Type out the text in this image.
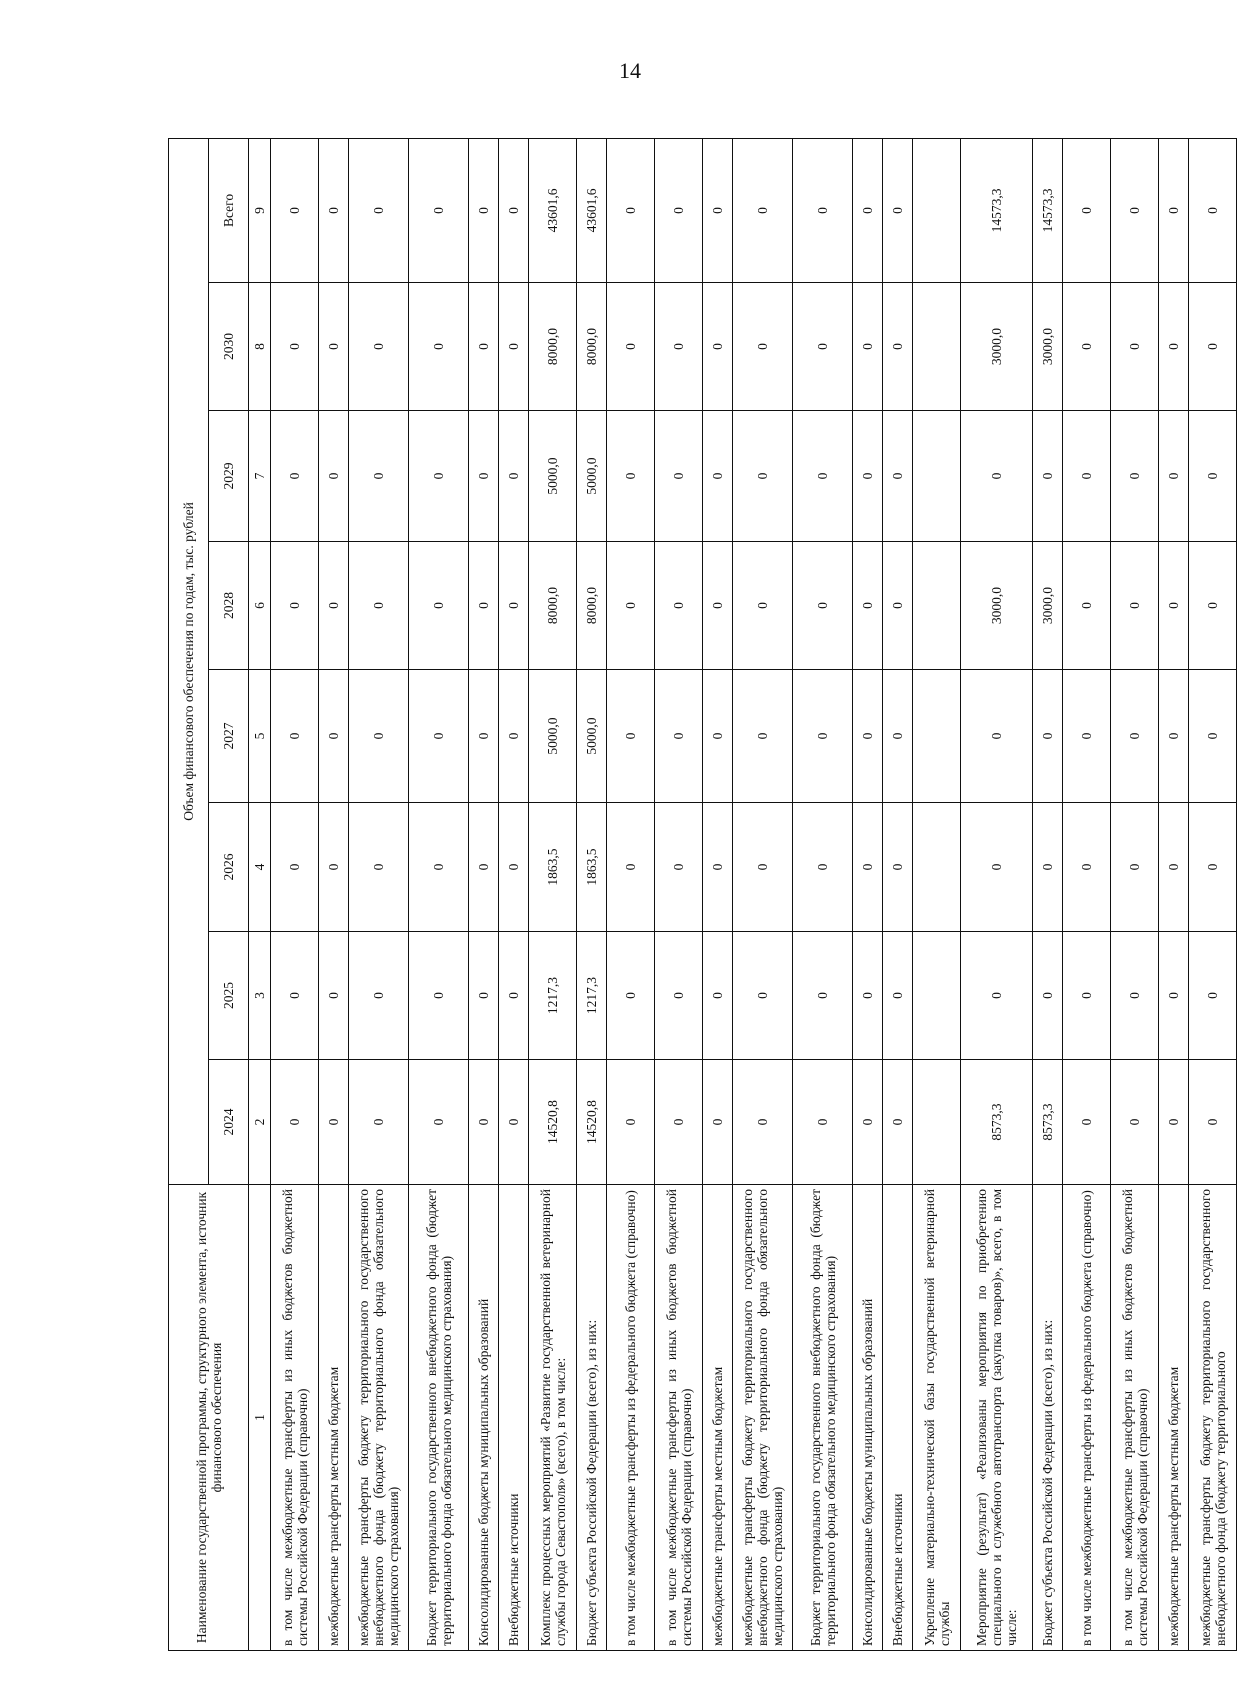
14
Наименование государственной программы, структурного элемента, источник финансового обеспечения	Объем финансового обеспечения по годам, тыс. рублей							
	2024	2025	2026	2027	2028	2029	2030	Всего
1	2	3	4	5	6	7	8	9
в том числе межбюджетные трансферты из иных бюджетов бюджетной системы Российской Федерации (справочно)	0	0	0	0	0	0	0	0
межбюджетные трансферты местным бюджетам	0	0	0	0	0	0	0	0
межбюджетные трансферты бюджету территориального государственного внебюджетного фонда (бюджету территориального фонда обязательного медицинского страхования)	0	0	0	0	0	0	0	0
Бюджет территориального государственного внебюджетного фонда (бюджет территориального фонда обязательного медицинского страхования)	0	0	0	0	0	0	0	0
Консолидированные бюджеты муниципальных образований	0	0	0	0	0	0	0	0
Внебюджетные источники	0	0	0	0	0	0	0	0
Комплекс процессных мероприятий «Развитие государственной ветеринарной службы города Севастополя» (всего), в том числе:	14520,8	1217,3	1863,5	5000,0	8000,0	5000,0	8000,0	43601,6
Бюджет субъекта Российской Федерации (всего), из них:	14520,8	1217,3	1863,5	5000,0	8000,0	5000,0	8000,0	43601,6
в том числе межбюджетные трансферты из федерального бюджета (справочно)	0	0	0	0	0	0	0	0
в том числе межбюджетные трансферты из иных бюджетов бюджетной системы Российской Федерации (справочно)	0	0	0	0	0	0	0	0
межбюджетные трансферты местным бюджетам	0	0	0	0	0	0	0	0
межбюджетные трансферты бюджету территориального государственного внебюджетного фонда (бюджету территориального фонда обязательного медицинского страхования)	0	0	0	0	0	0	0	0
Бюджет территориального государственного внебюджетного фонда (бюджет территориального фонда обязательного медицинского страхования)	0	0	0	0	0	0	0	0
Консолидированные бюджеты муниципальных образований	0	0	0	0	0	0	0	0
Внебюджетные источники	0	0	0	0	0	0	0	0
Укрепление материально-технической базы государственной ветеринарной службы								
Мероприятие (результат) «Реализованы мероприятия по приобретению специального и служебного автотранспорта (закупка товаров)», всего, в том числе:	8573,3	0	0	0	3000,0	0	3000,0	14573,3
Бюджет субъекта Российской Федерации (всего), из них:	8573,3	0	0	0	3000,0	0	3000,0	14573,3
в том числе межбюджетные трансферты из федерального бюджета (справочно)	0	0	0	0	0	0	0	0
в том числе межбюджетные трансферты из иных бюджетов бюджетной системы Российской Федерации (справочно)	0	0	0	0	0	0	0	0
межбюджетные трансферты местным бюджетам	0	0	0	0	0	0	0	0
межбюджетные трансферты бюджету территориального государственного внебюджетного фонда (бюджету территориального	0	0	0	0	0	0	0	0
